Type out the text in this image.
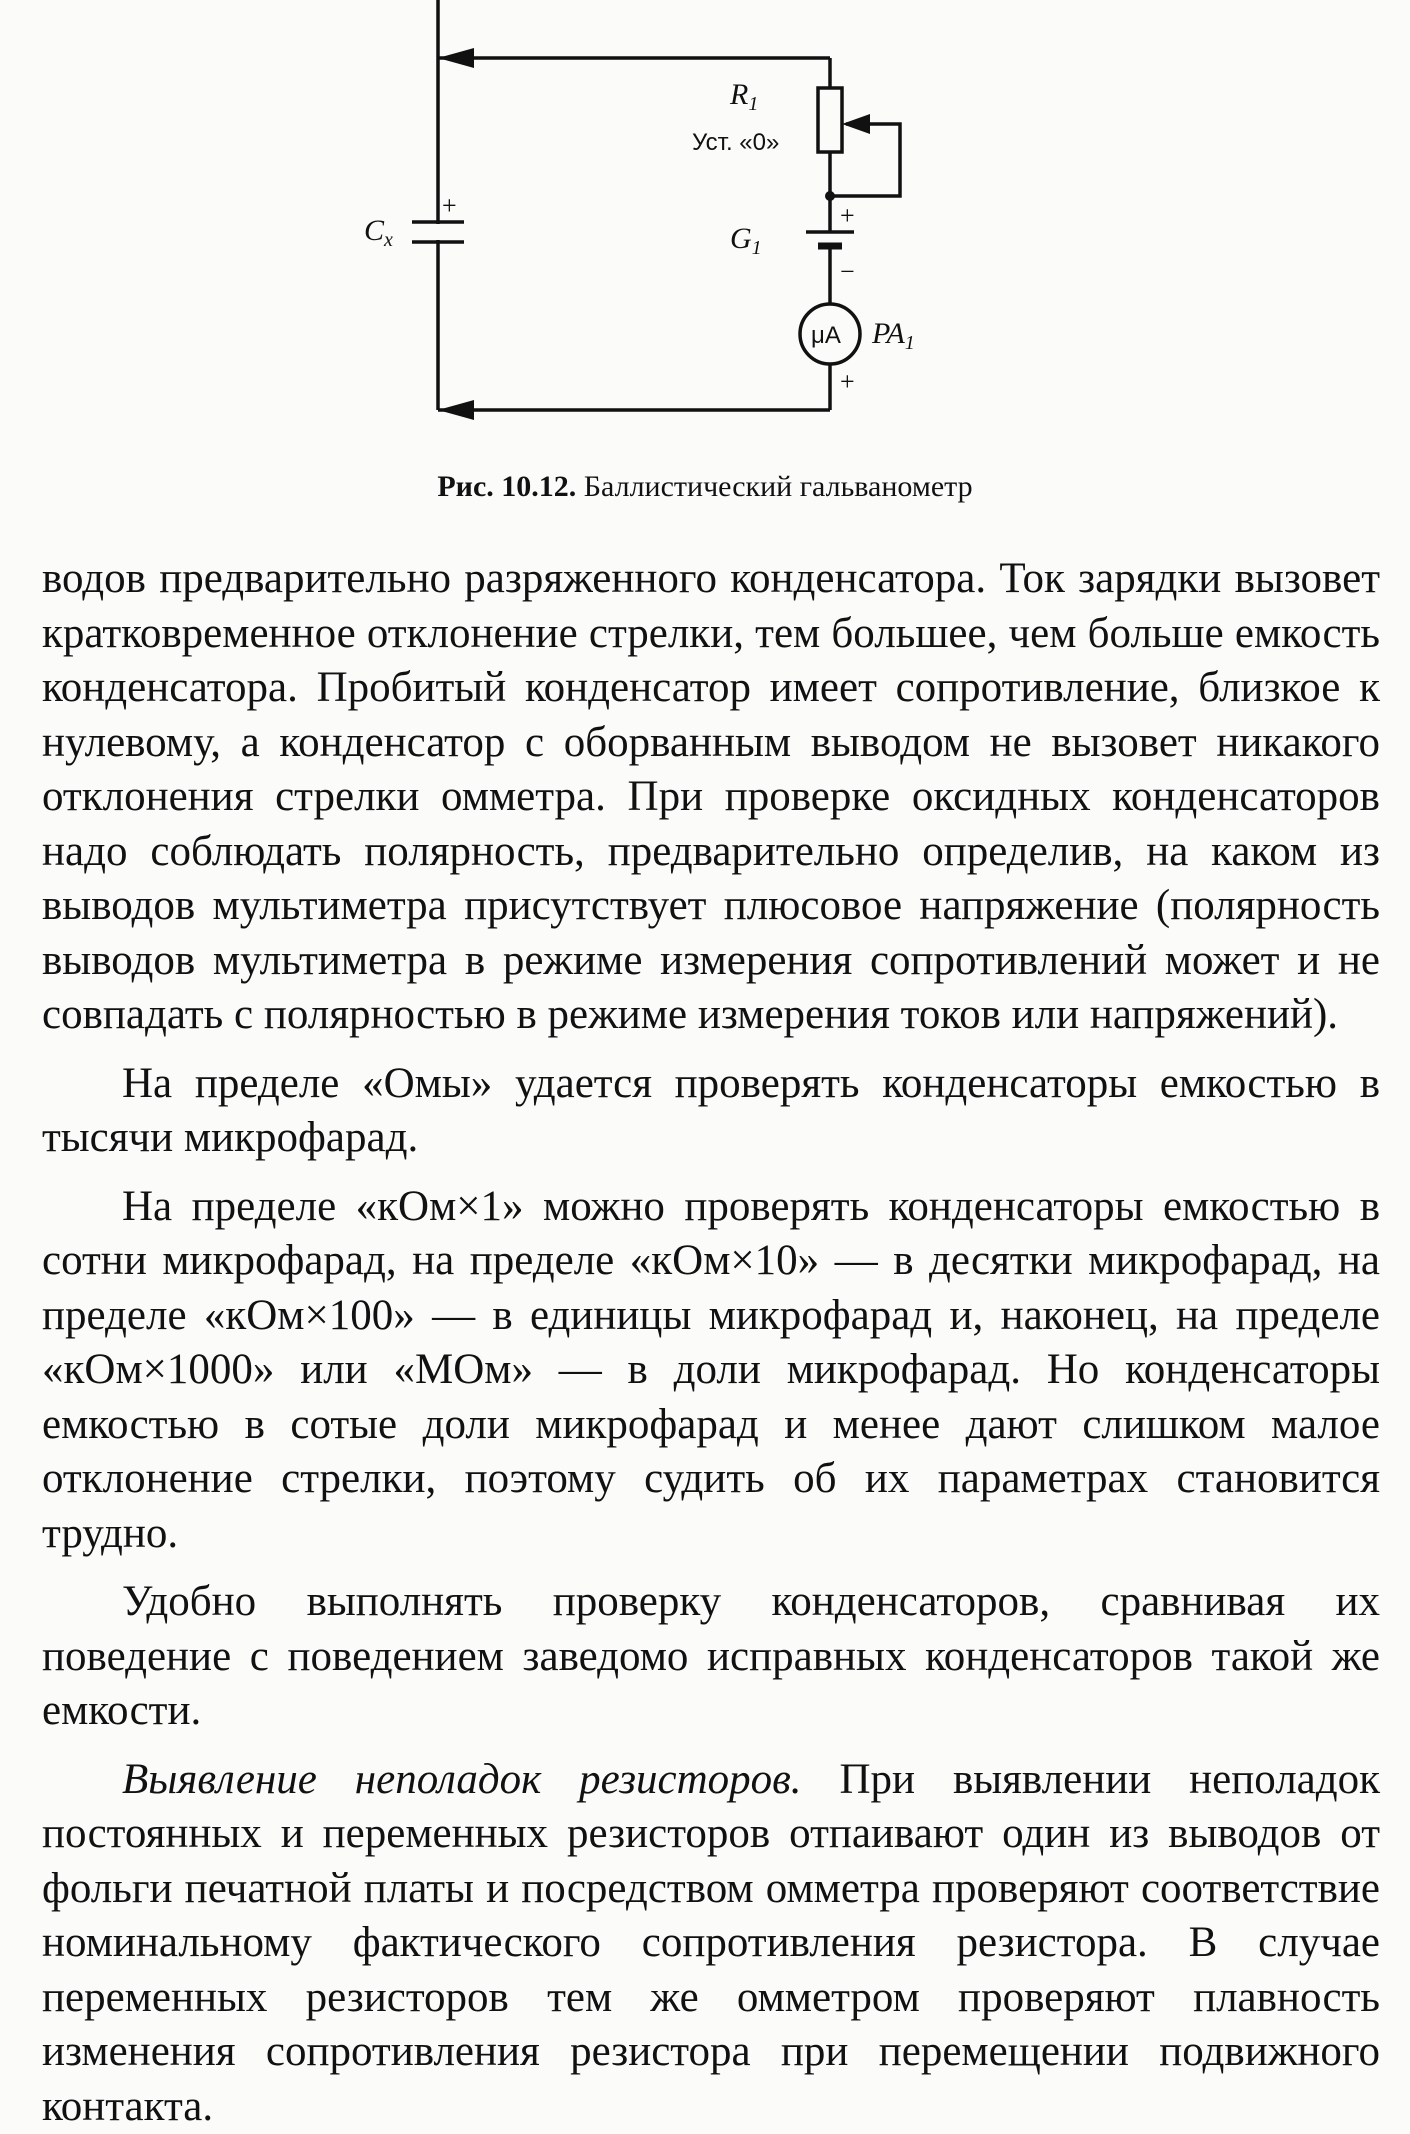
$R_1$
Уст. «0»
$C_x$
+
$G_1$
+
−
μA $PA_1$
+
Рис. 10.12. Баллистический гальванометр

водов предварительно разряженного конденсатора. Ток зарядки вызовет кратковременное отклонение стрелки, тем большее, чем больше емкость конденсатора. Пробитый конденсатор имеет сопротивление, близкое к нулевому, а конденсатор с оборванным выводом не вызовет никакого отклонения стрелки омметра. При проверке оксидных конденсаторов надо соблюдать полярность, предварительно определив, на каком из выводов мультиметра присутствует плюсовое напряжение (полярность выводов мультиметра в режиме измерения сопротивлений может и не совпадать с полярностью в режиме измерения токов или напряжений).

На пределе «Омы» удается проверять конденсаторы емкостью в тысячи микрофарад.

На пределе «кОм×1» можно проверять конденсаторы емкостью в сотни микрофарад, на пределе «кОм×10» — в десятки микрофарад, на пределе «кОм×100» — в единицы микрофарад и, наконец, на пределе «кОм×1000» или «МОм» — в доли микрофарад. Но конденсаторы емкостью в сотые доли микрофарад и менее дают слишком малое отклонение стрелки, поэтому судить об их параметрах становится трудно.

Удобно выполнять проверку конденсаторов, сравнивая их поведение с поведением заведомо исправных конденсаторов такой же емкости.

Выявление неполадок резисторов. При выявлении неполадок постоянных и переменных резисторов отпаивают один из выводов от фольги печатной платы и посредством омметра проверяют соответствие номинальному фактического сопротивления резистора. В случае переменных резисторов тем же омметром проверяют плавность изменения сопротивления резистора при перемещении подвижного контакта.
